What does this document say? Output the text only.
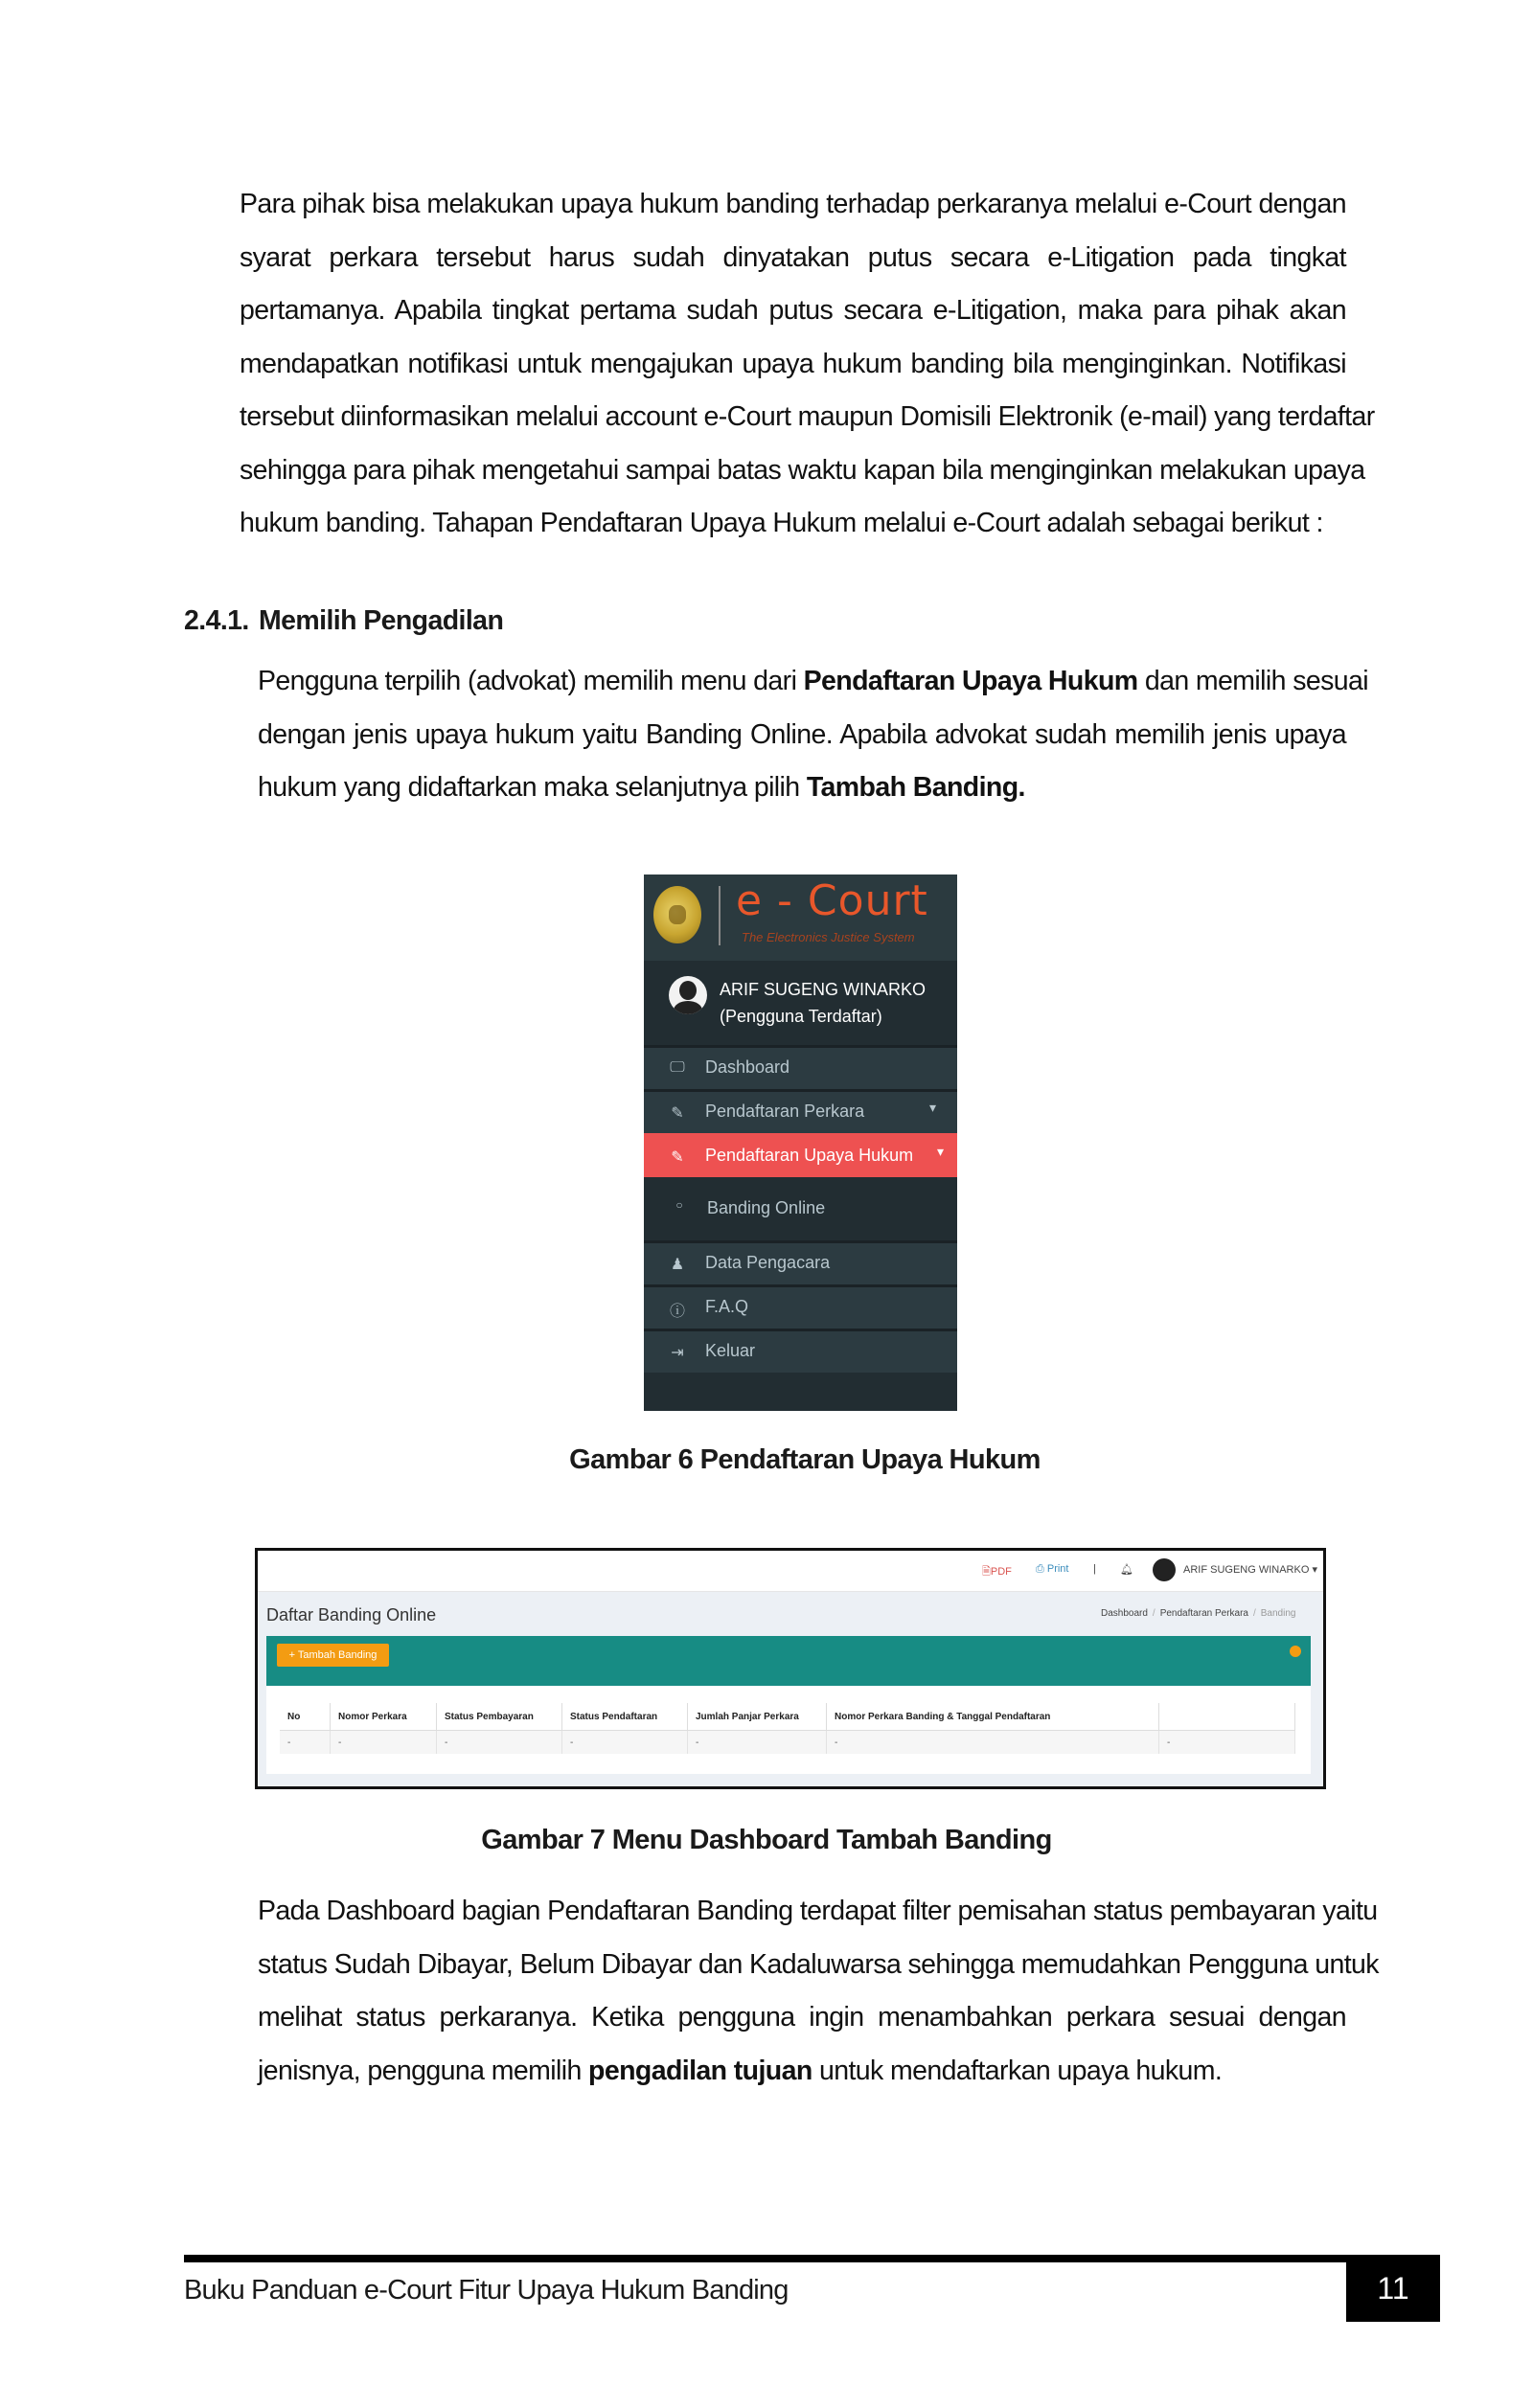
Para pihak bisa melakukan upaya hukum banding terhadap perkaranya melalui e-Court dengan
syarat perkara tersebut harus sudah dinyatakan putus secara e-Litigation pada tingkat
pertamanya. Apabila tingkat pertama sudah putus secara e-Litigation, maka para pihak akan
mendapatkan notifikasi untuk mengajukan upaya hukum banding bila menginginkan. Notifikasi
tersebut diinformasikan melalui account e-Court maupun Domisili Elektronik (e-mail) yang terdaftar
sehingga para pihak mengetahui sampai batas waktu kapan bila menginginkan melakukan upaya
hukum banding. Tahapan Pendaftaran Upaya Hukum melalui e-Court adalah sebagai berikut :
2.4.1. Memilih Pengadilan
Pengguna terpilih (advokat) memilih menu dari Pendaftaran Upaya Hukum dan memilih sesuai
dengan jenis upaya hukum yaitu Banding Online. Apabila advokat sudah memilih jenis upaya
hukum yang didaftarkan maka selanjutnya pilih Tambah Banding.
e - Court
The Electronics Justice System
ARIF SUGENG WINARKO
(Pengguna Terdaftar)
🖵︎ Dashboard
✎ Pendaftaran Perkara	▾
✎ Pendaftaran Upaya Hukum ▾
○ Banding Online
♟ Data Pengacara
ⓘ F.A.Q
⇥ Keluar
Gambar 6 Pendaftaran Upaya Hukum
🗎︎PDF ⎙ Print | 🔔︎	ARIF SUGENG WINARKO ▾
Daftar Banding Online	Dashboard / Pendaftaran Perkara / Banding
+ Tambah Banding
No	Nomor Perkara	Status Pembayaran	Status Pendaftaran	Jumlah Panjar Perkara	Nomor Perkara Banding & Tanggal Pendaftaran	
-	-	-	-	-	-	-
Gambar 7 Menu Dashboard Tambah Banding
Pada Dashboard bagian Pendaftaran Banding terdapat filter pemisahan status pembayaran yaitu
status Sudah Dibayar, Belum Dibayar dan Kadaluwarsa sehingga memudahkan Pengguna untuk
melihat status perkaranya. Ketika pengguna ingin menambahkan perkara sesuai dengan
jenisnya, pengguna memilih pengadilan tujuan untuk mendaftarkan upaya hukum.
Buku Panduan e-Court Fitur Upaya Hukum Banding	11
